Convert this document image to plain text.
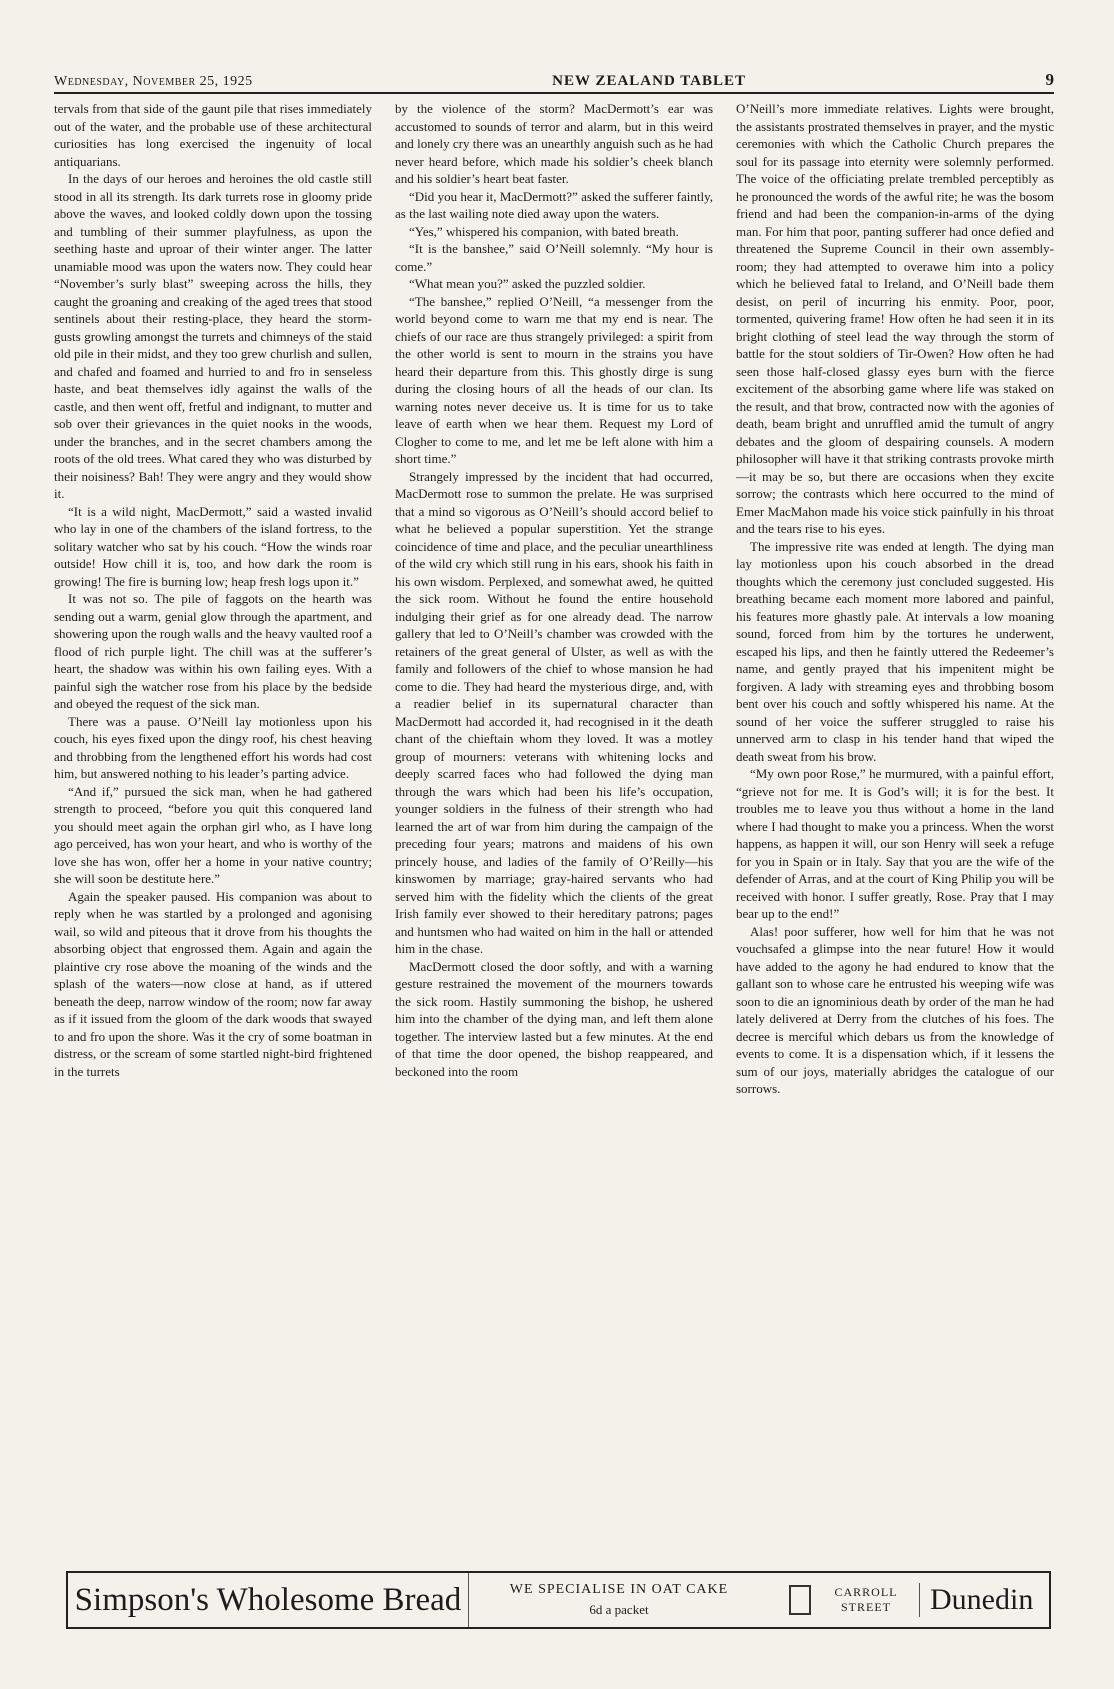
Wednesday, November 25, 1925	NEW ZEALAND TABLET	9

tervals from that side of the gaunt pile that rises immediately out of the water, and the probable use of these architectural curiosities has long exercised the ingenuity of local antiquarians.

In the days of our heroes and heroines the old castle still stood in all its strength. Its dark turrets rose in gloomy pride above the waves, and looked coldly down upon the tossing and tumbling of their summer playfulness, as upon the seething haste and uproar of their winter anger. The latter unamiable mood was upon the waters now. They could hear “November’s surly blast” sweeping across the hills, they caught the groaning and creaking of the aged trees that stood sentinels about their resting-place, they heard the storm-gusts growling amongst the turrets and chimneys of the staid old pile in their midst, and they too grew churlish and sullen, and chafed and foamed and hurried to and fro in senseless haste, and beat themselves idly against the walls of the castle, and then went off, fretful and indignant, to mutter and sob over their grievances in the quiet nooks in the woods, under the branches, and in the secret chambers among the roots of the old trees. What cared they who was disturbed by their noisiness? Bah! They were angry and they would show it.

“It is a wild night, MacDermott,” said a wasted invalid who lay in one of the chambers of the island fortress, to the solitary watcher who sat by his couch. “How the winds roar outside! How chill it is, too, and how dark the room is growing! The fire is burning low; heap fresh logs upon it.”

It was not so. The pile of faggots on the hearth was sending out a warm, genial glow through the apartment, and showering upon the rough walls and the heavy vaulted roof a flood of rich purple light. The chill was at the sufferer’s heart, the shadow was within his own failing eyes. With a painful sigh the watcher rose from his place by the bedside and obeyed the request of the sick man.

There was a pause. O’Neill lay motionless upon his couch, his eyes fixed upon the dingy roof, his chest heaving and throbbing from the lengthened effort his words had cost him, but answered nothing to his leader’s parting advice.

“And if,” pursued the sick man, when he had gathered strength to proceed, “before you quit this conquered land you should meet again the orphan girl who, as I have long ago perceived, has won your heart, and who is worthy of the love she has won, offer her a home in your native country; she will soon be destitute here.”

Again the speaker paused. His companion was about to reply when he was startled by a prolonged and agonising wail, so wild and piteous that it drove from his thoughts the absorbing object that engrossed them. Again and again the plaintive cry rose above the moaning of the winds and the splash of the waters—now close at hand, as if uttered beneath the deep, narrow window of the room; now far away as if it issued from the gloom of the dark woods that swayed to and fro upon the shore. Was it the cry of some boatman in distress, or the scream of some startled night-bird frightened in the turrets

by the violence of the storm? MacDermott’s ear was accustomed to sounds of terror and alarm, but in this weird and lonely cry there was an unearthly anguish such as he had never heard before, which made his soldier’s cheek blanch and his soldier’s heart beat faster.

“Did you hear it, MacDermott?” asked the sufferer faintly, as the last wailing note died away upon the waters.

“Yes,” whispered his companion, with bated breath.

“It is the banshee,” said O’Neill solemnly. “My hour is come.”

“What mean you?” asked the puzzled soldier.

“The banshee,” replied O’Neill, “a messenger from the world beyond come to warn me that my end is near. The chiefs of our race are thus strangely privileged: a spirit from the other world is sent to mourn in the strains you have heard their departure from this. This ghostly dirge is sung during the closing hours of all the heads of our clan. Its warning notes never deceive us. It is time for us to take leave of earth when we hear them. Request my Lord of Clogher to come to me, and let me be left alone with him a short time.”

Strangely impressed by the incident that had occurred, MacDermott rose to summon the prelate. He was surprised that a mind so vigorous as O’Neill’s should accord belief to what he believed a popular superstition. Yet the strange coincidence of time and place, and the peculiar unearthliness of the wild cry which still rung in his ears, shook his faith in his own wisdom. Perplexed, and somewhat awed, he quitted the sick room. Without he found the entire household indulging their grief as for one already dead. The narrow gallery that led to O’Neill’s chamber was crowded with the retainers of the great general of Ulster, as well as with the family and followers of the chief to whose mansion he had come to die. They had heard the mysterious dirge, and, with a readier belief in its supernatural character than MacDermott had accorded it, had recognised in it the death chant of the chieftain whom they loved. It was a motley group of mourners: veterans with whitening locks and deeply scarred faces who had followed the dying man through the wars which had been his life’s occupation, younger soldiers in the fulness of their strength who had learned the art of war from him during the campaign of the preceding four years; matrons and maidens of his own princely house, and ladies of the family of O’Reilly—his kinswomen by marriage; gray-haired servants who had served him with the fidelity which the clients of the great Irish family ever showed to their hereditary patrons; pages and huntsmen who had waited on him in the hall or attended him in the chase.

MacDermott closed the door softly, and with a warning gesture restrained the movement of the mourners towards the sick room. Hastily summoning the bishop, he ushered him into the chamber of the dying man, and left them alone together. The interview lasted but a few minutes. At the end of that time the door opened, the bishop reappeared, and beckoned into the room

O’Neill’s more immediate relatives. Lights were brought, the assistants prostrated themselves in prayer, and the mystic ceremonies with which the Catholic Church prepares the soul for its passage into eternity were solemnly performed. The voice of the officiating prelate trembled perceptibly as he pronounced the words of the awful rite; he was the bosom friend and had been the companion-in-arms of the dying man. For him that poor, panting sufferer had once defied and threatened the Supreme Council in their own assembly-room; they had attempted to overawe him into a policy which he believed fatal to Ireland, and O’Neill bade them desist, on peril of incurring his enmity. Poor, poor, tormented, quivering frame! How often he had seen it in its bright clothing of steel lead the way through the storm of battle for the stout soldiers of Tir-Owen? How often he had seen those half-closed glassy eyes burn with the fierce excitement of the absorbing game where life was staked on the result, and that brow, contracted now with the agonies of death, beam bright and unruffled amid the tumult of angry debates and the gloom of despairing counsels. A modern philosopher will have it that striking contrasts provoke mirth—it may be so, but there are occasions when they excite sorrow; the contrasts which here occurred to the mind of Emer MacMahon made his voice stick painfully in his throat and the tears rise to his eyes.

The impressive rite was ended at length. The dying man lay motionless upon his couch absorbed in the dread thoughts which the ceremony just concluded suggested. His breathing became each moment more labored and painful, his features more ghastly pale. At intervals a low moaning sound, forced from him by the tortures he underwent, escaped his lips, and then he faintly uttered the Redeemer’s name, and gently prayed that his impenitent might be forgiven. A lady with streaming eyes and throbbing bosom bent over his couch and softly whispered his name. At the sound of her voice the sufferer struggled to raise his unnerved arm to clasp in his tender hand that wiped the death sweat from his brow.

“My own poor Rose,” he murmured, with a painful effort, “grieve not for me. It is God’s will; it is for the best. It troubles me to leave you thus without a home in the land where I had thought to make you a princess. When the worst happens, as happen it will, our son Henry will seek a refuge for you in Spain or in Italy. Say that you are the wife of the defender of Arras, and at the court of King Philip you will be received with honor. I suffer greatly, Rose. Pray that I may bear up to the end!”

Alas! poor sufferer, how well for him that he was not vouchsafed a glimpse into the near future! How it would have added to the agony he had endured to know that the gallant son to whose care he entrusted his weeping wife was soon to die an ignominious death by order of the man he had lately delivered at Derry from the clutches of his foes. The decree is merciful which debars us from the knowledge of events to come. It is a dispensation which, if it lessens the sum of our joys, materially abridges the catalogue of our sorrows.

Simpson's Wholesome Bread	WE SPECIALISE IN OAT CAKE
6d a packet
CARROLL STREET	Dunedin
